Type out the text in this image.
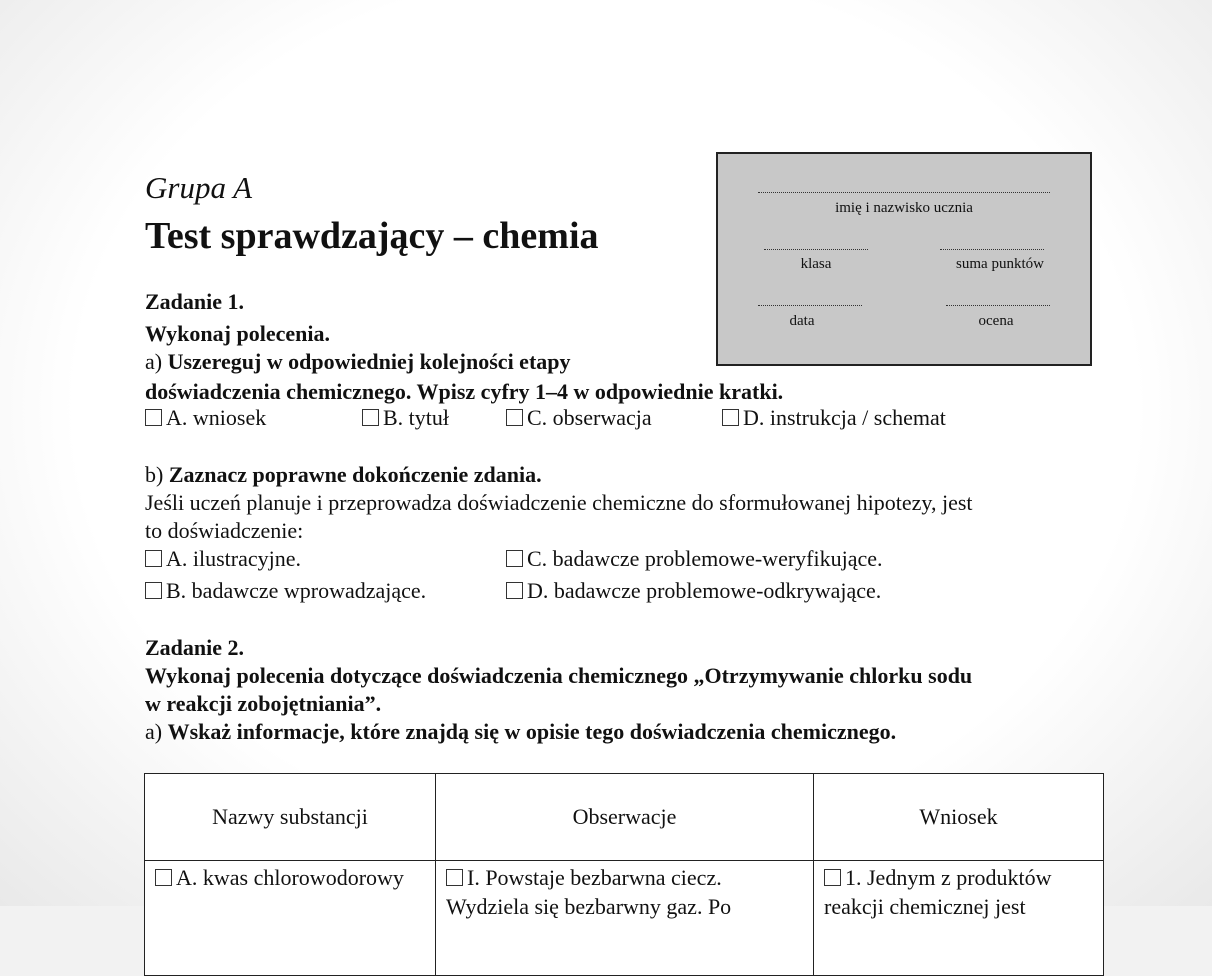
Grupa A
Test sprawdzający – chemia
imię i nazwisko ucznia
klasa	suma punktów
data	ocena
Zadanie 1.
Wykonaj polecenia.
a) Uszereguj w odpowiedniej kolejności etapy
doświadczenia chemicznego. Wpisz cyfry 1–4 w odpowiednie kratki.
A. wniosek	B. tytuł	C. obserwacja	D. instrukcja / schemat
b) Zaznacz poprawne dokończenie zdania.
Jeśli uczeń planuje i przeprowadza doświadczenie chemiczne do sformułowanej hipotezy, jest
to doświadczenie:
A. ilustracyjne.	C. badawcze problemowe-weryfikujące.
B. badawcze wprowadzające.	D. badawcze problemowe-odkrywające.
Zadanie 2.
Wykonaj polecenia dotyczące doświadczenia chemicznego „Otrzymywanie chlorku sodu
w reakcji zobojętniania”.
a) Wskaż informacje, które znajdą się w opisie tego doświadczenia chemicznego.
Nazwy substancji	Obserwacje	Wniosek
A. kwas chlorowodorowy	I. Powstaje bezbarwna ciecz. Wydziela się bezbarwny gaz. Po	1. Jednym z produktów reakcji chemicznej jest
